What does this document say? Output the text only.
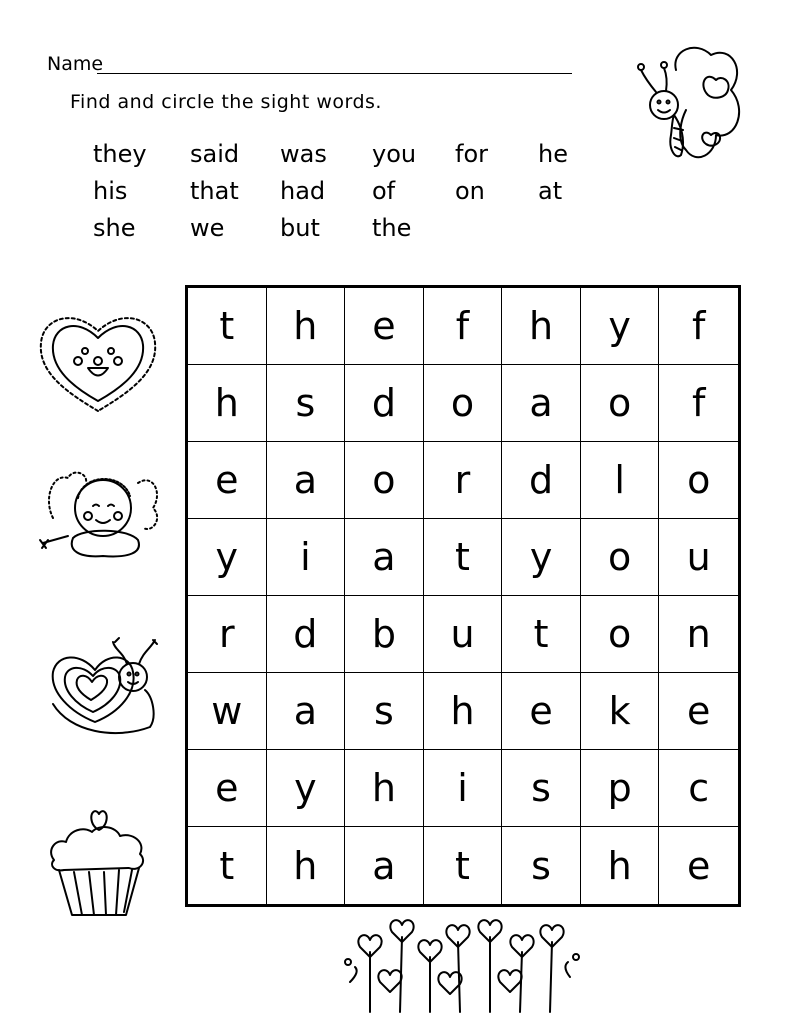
Name
Find and circle the sight words.
they said was you for he
his	that had of on at
she we but the
t	h	e	f	h	y	f
h	s	d	o	a	o	f
e	a	o	r	d	l	o
y	i	a	t	y	o	u
r	d	b	u	t	o	n
w	a	s	h	e	k	e
e	y	h	i	s	p	c
t	h	a	t	s	h	e
